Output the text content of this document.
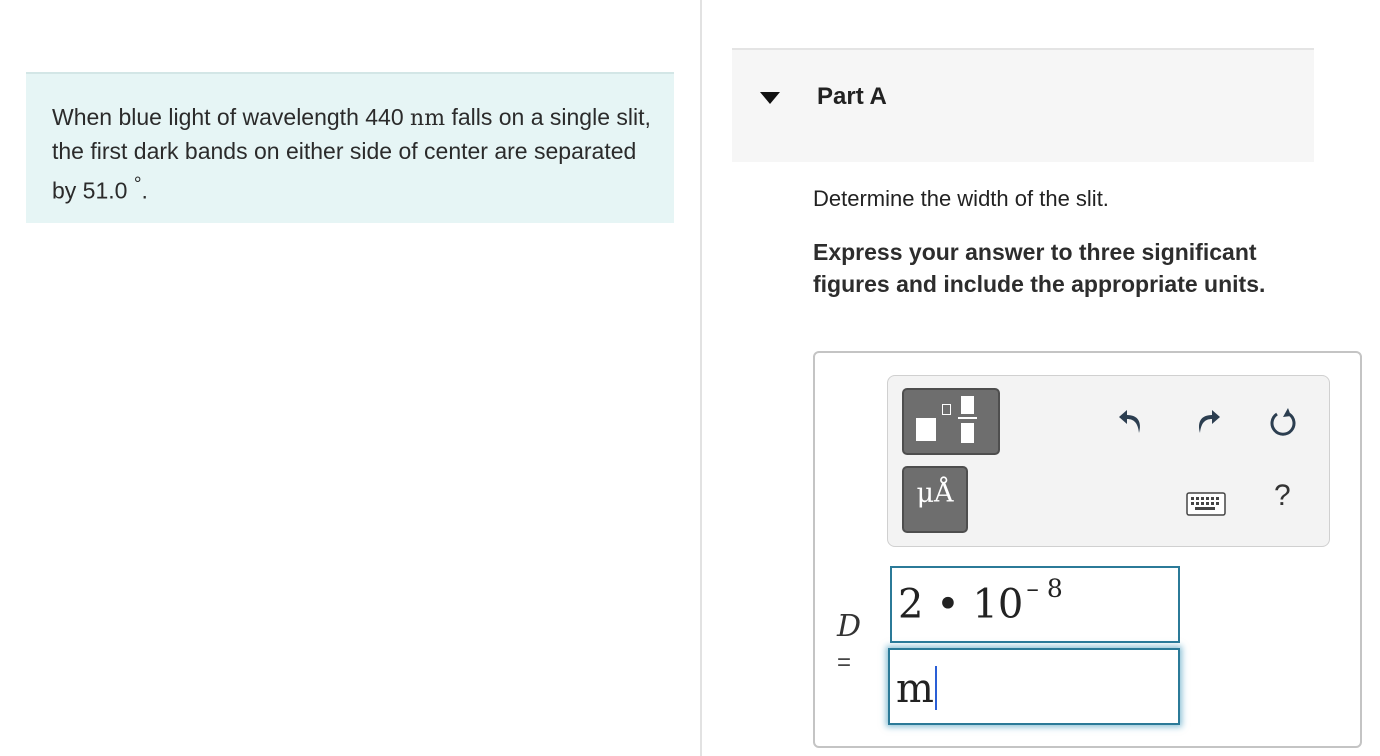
When blue light of wavelength 440 nm falls on a single slit, the first dark bands on either side of center are separated by 51.0 °.
Part A
Determine the width of the slit.
Express your answer to three significant figures and include the appropriate units.
μÅ	?
D
=
2 • 10 $^{- 8}$
m
